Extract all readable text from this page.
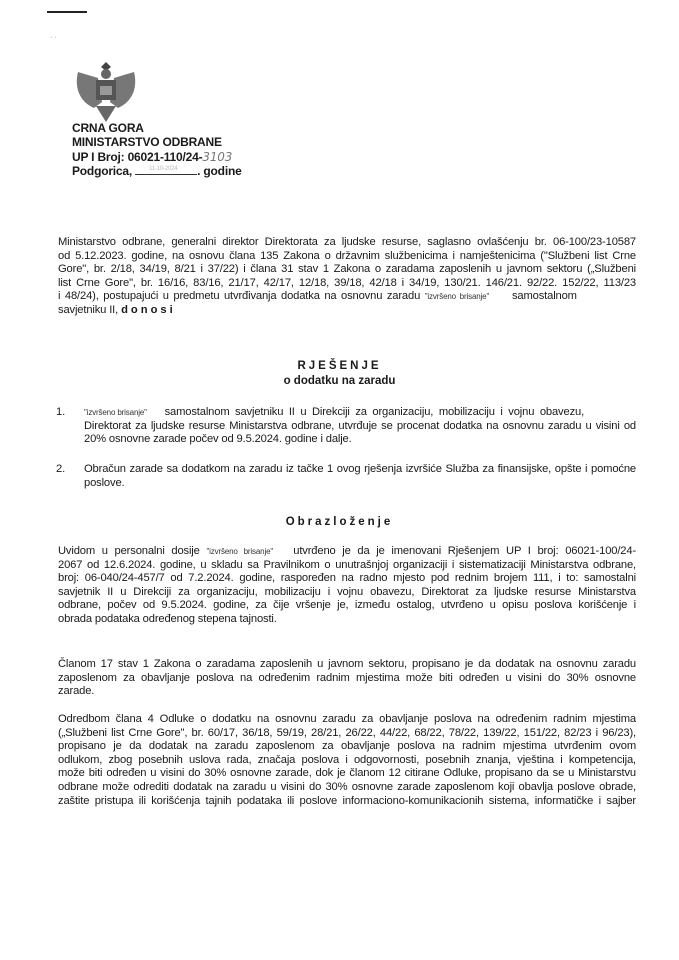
· ·
CRNA GORA
MINISTARSTVO ODBRANE
UP I Broj: 06021-110/24-3103
Podgorica,	11-10-2024 . godine
Ministarstvo odbrane, generalni direktor Direktorata za ljudske resurse, saglasno ovlašćenju br. 06-100/23-10587
od 5.12.2023. godine, na osnovu člana 135 Zakona o državnim službenicima i namještenicima ("Službeni list Crne
Gore", br. 2/18, 34/19, 8/21 i 37/22) i člana 31 stav 1 Zakona o zaradama zaposlenih u javnom sektoru („Službeni
list Crne Gore", br. 16/16, 83/16, 21/17, 42/17, 12/18, 39/18, 42/18 i 34/19, 130/21. 146/21. 92/22. 152/22, 113/23
i 48/24), postupajući u predmetu utvrđivanja dodatka na osnovnu zaradu "izvršeno brisanje" samostalnom
savjetniku II, donosi
RJEŠENJE
o dodatku na zaradu
1. "izvršeno brisanje" samostalnom savjetniku II u Direkciji za organizaciju, mobilizaciju i vojnu obavezu,
Direktorat za ljudske resurse Ministarstva odbrane, utvrđuje se procenat dodatka na osnovnu zaradu u visini od
20% osnovne zarade počev od 9.5.2024. godine i dalje.
2. Obračun zarade sa dodatkom na zaradu iz tačke 1 ovog rješenja izvršiće Služba za finansijske, opšte i pomoćne
poslove.
Obrazloženje
Uvidom u personalni dosije "izvršeno brisanje" utvrđeno je da je imenovani Rješenjem UP I broj: 06021-100/24-
2067 od 12.6.2024. godine, u skladu sa Pravilnikom o unutrašnjoj organizaciji i sistematizaciji Ministarstva odbrane,
broj: 06-040/24-457/7 od 7.2.2024. godine, raspoređen na radno mjesto pod rednim brojem 111, i to: samostalni
savjetnik II u Direkciji za organizaciju, mobilizaciju i vojnu obavezu, Direktorat za ljudske resurse Ministarstva
odbrane, počev od 9.5.2024. godine, za čije vršenje je, između ostalog, utvrđeno u opisu poslova korišćenje i
obrada podataka određenog stepena tajnosti.
Članom 17 stav 1 Zakona o zaradama zaposlenih u javnom sektoru, propisano je da dodatak na osnovnu zaradu
zaposlenom za obavljanje poslova na određenim radnim mjestima može biti određen u visini do 30% osnovne
zarade.
Odredbom člana 4 Odluke o dodatku na osnovnu zaradu za obavljanje poslova na određenim radnim mjestima
(„Službeni list Crne Gore", br. 60/17, 36/18, 59/19, 28/21, 26/22, 44/22, 68/22, 78/22, 139/22, 151/22, 82/23 i 96/23),
propisano je da dodatak na zaradu zaposlenom za obavljanje poslova na radnim mjestima utvrđenim ovom
odlukom, zbog posebnih uslova rada, značaja poslova i odgovornosti, posebnih znanja, vještina i kompetencija,
može biti određen u visini do 30% osnovne zarade, dok je članom 12 citirane Odluke, propisano da se u Ministarstvu
odbrane može odrediti dodatak na zaradu u visini do 30% osnovne zarade zaposlenom koji obavlja poslove obrade,
zaštite pristupa ili korišćenja tajnih podataka ili poslove informaciono-komunikacionih sistema, informatičke i sajber
